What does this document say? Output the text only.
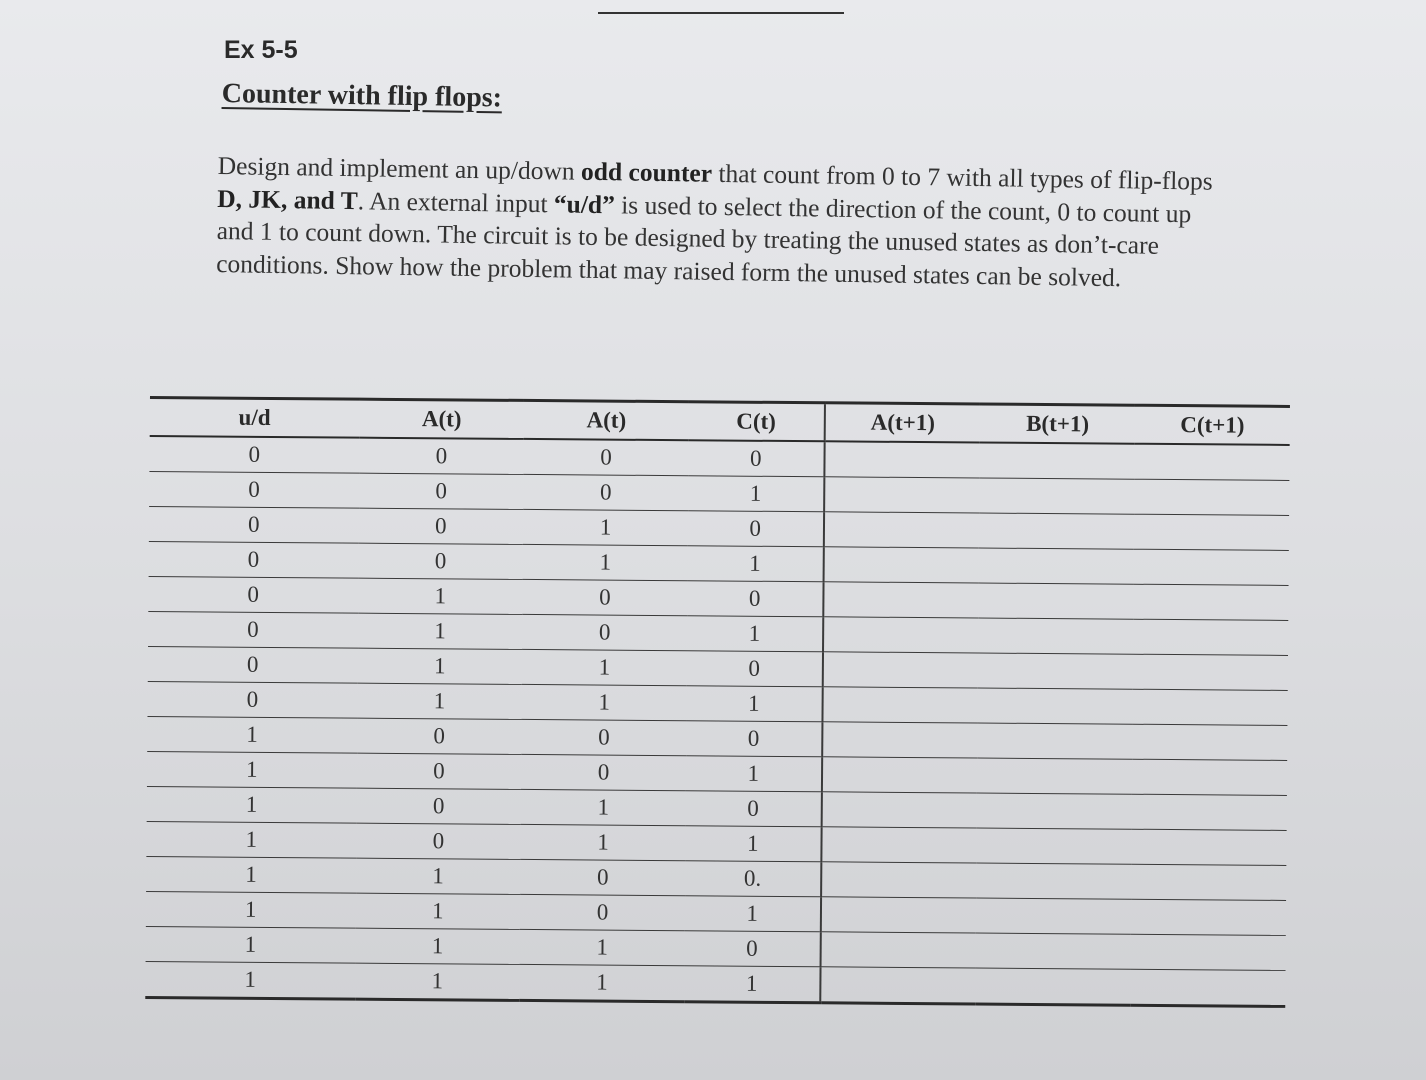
Ex 5-5
Counter with flip flops:

Design and implement an up/down odd counter that count from 0 to 7 with all types of flip-flops D, JK, and T. An external input “u/d” is used to select the direction of the count, 0 to count up and 1 to count down. The circuit is to be designed by treating the unused states as don’t-care conditions. Show how the problem that may raised form the unused states can be solved.

u/d	A(t)	A(t)	C(t)	A(t+1)	B(t+1)	C(t+1)
0	0	0	0			
0	0	0	1			
0	0	1	0			
0	0	1	1			
0	1	0	0			
0	1	0	1			
0	1	1	0			
0	1	1	1			
1	0	0	0			
1	0	0	1			
1	0	1	0			
1	0	1	1			
1	1	0	0.			
1	1	0	1			
1	1	1	0			
1	1	1	1			
